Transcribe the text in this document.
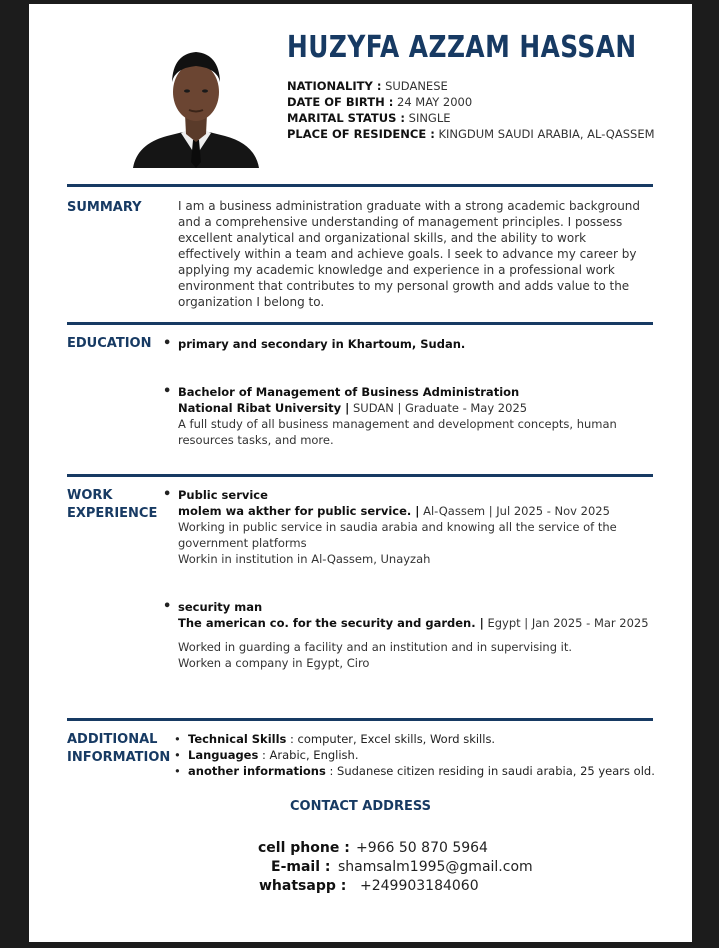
HUZYFA AZZAM HASSAN
NATIONALITY : SUDANESE
DATE OF BIRTH : 24 MAY 2000
MARITAL STATUS : SINGLE
PLACE OF RESIDENCE : KINGDUM SAUDI ARABIA, AL-QASSEM
SUMMARY	I am a business administration graduate with a strong academic background and a comprehensive understanding of management principles. I possess excellent analytical and organizational skills, and the ability to work effectively within a team and achieve goals. I seek to advance my career by applying my academic knowledge and experience in a professional work environment that contributes to my personal growth and adds value to the organization I belong to.
EDUCATION
• primary and secondary in Khartoum, Sudan.
• Bachelor of Management of Business Administration
National Ribat University | SUDAN | Graduate - May 2025
A full study of all business management and development concepts, human resources tasks, and more.
WORK
EXPERIENCE
• Public service
molem wa akther for public service. | Al-Qassem | Jul 2025 - Nov 2025
Working in public service in saudia arabia and knowing all the service of the government platforms
Workin in institution in Al-Qassem, Unayzah
• security man
The american co. for the security and garden. | Egypt | Jan 2025 - Mar 2025
Worked in guarding a facility and an institution and in supervising it.
Worken a company in Egypt, Ciro
ADDITIONAL
INFORMATION
• Technical Skills : computer, Excel skills, Word skills.
• Languages : Arabic, English.
• another informations : Sudanese citizen residing in saudi arabia, 25 years old.
CONTACT ADDRESS
cell phone : +966 50 870 5964
E-mail : shamsalm1995@gmail.com
whatsapp : +249903184060
